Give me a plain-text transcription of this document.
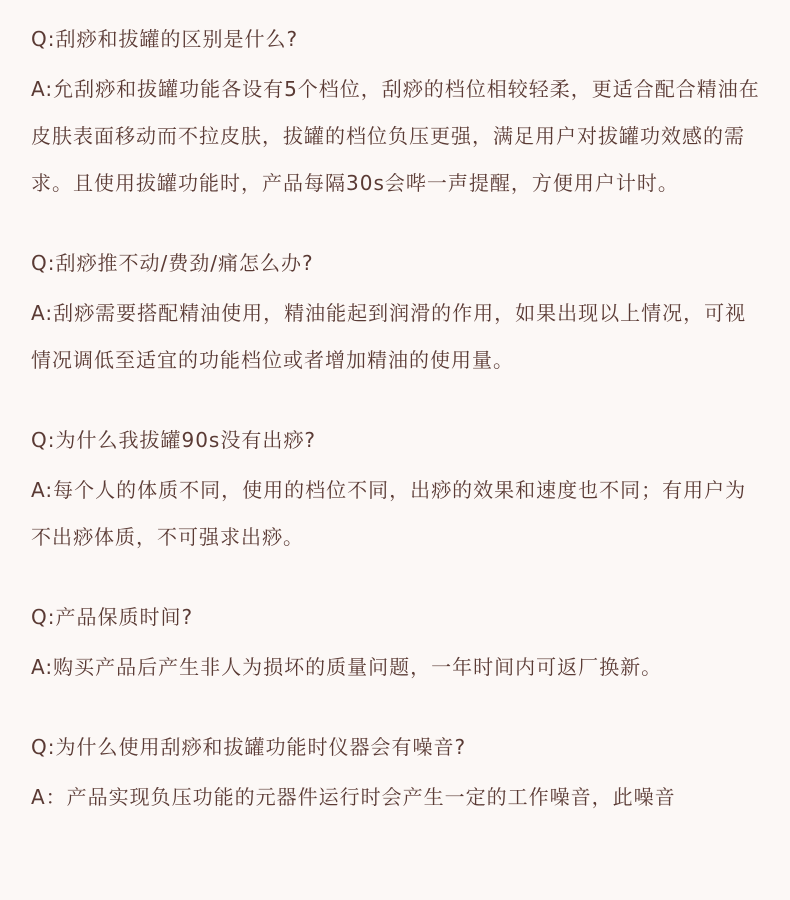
Q:刮痧和拔罐的区别是什么?

A:允刮痧和拔罐功能各设有5个档位，刮痧的档位相较轻柔，更适合配合精油在皮肤表面移动而不拉皮肤，拔罐的档位负压更强，满足用户对拔罐功效感的需求。且使用拔罐功能时，产品每隔30s会哔一声提醒，方便用户计时。

Q:刮痧推不动/费劲/痛怎么办?

A:刮痧需要搭配精油使用，精油能起到润滑的作用，如果出现以上情况，可视情况调低至适宜的功能档位或者增加精油的使用量。

Q:为什么我拔罐90s没有出痧?

A:每个人的体质不同，使用的档位不同，出痧的效果和速度也不同；有用户为不出痧体质，不可强求出痧。

Q:产品保质时间?

A:购买产品后产生非人为损坏的质量问题，一年时间内可返厂换新。

Q:为什么使用刮痧和拔罐功能时仪器会有噪音?

A：产品实现负压功能的元器件运行时会产生一定的工作噪音，此噪音
